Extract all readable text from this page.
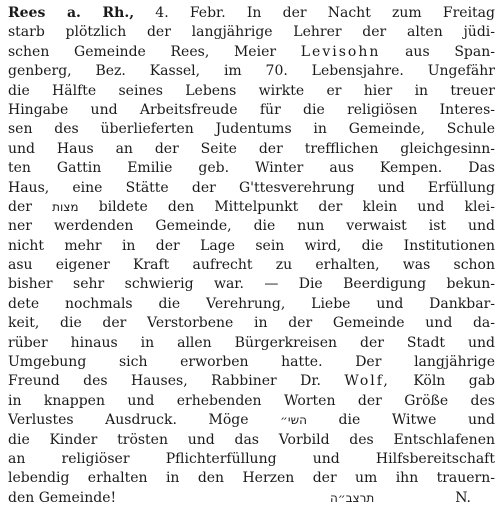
Rees a. Rh., 4. Febr. In der Nacht zum Freitag
starb plötzlich der langjährige Lehrer der alten jüdi-
schen Gemeinde Rees, Meier Levisohn aus Span-
genberg, Bez. Kassel, im 70. Lebensjahre. Ungefähr
die Hälfte seines Lebens wirkte er hier in treuer
Hingabe und Arbeitsfreude für die religiösen Interes-
sen des überlieferten Judentums in Gemeinde, Schule
und Haus an der Seite der trefflichen gleichgesinn-
ten Gattin Emilie geb. Winter aus Kempen. Das
Haus, eine Stätte der G'ttesverehrung und Erfüllung
der מצות bildete den Mittelpunkt der klein und klei-
ner werdenden Gemeinde, die nun verwaist ist und
nicht mehr in der Lage sein wird, die Institutionen
asu eigener Kraft aufrecht zu erhalten, was schon
bisher sehr schwierig war. — Die Beerdigung bekun-
dete nochmals die Verehrung, Liebe und Dankbar-
keit, die der Verstorbene in der Gemeinde und da-
rüber hinaus in allen Bürgerkreisen der Stadt und
Umgebung sich erworben hatte. Der langjährige
Freund des Hauses, Rabbiner Dr. Wolf, Köln gab
in knappen und erhebenden Worten der Größe des
Verlustes Ausdruck. Möge	השי״ die Witwe und
die Kinder trösten und das Vorbild des Entschlafenen
an religiöser Pflichterfüllung und Hilfsbereitschaft
lebendig erhalten in den Herzen der um ihn trauern-
den Gemeinde!	תרצב״ה	N.
